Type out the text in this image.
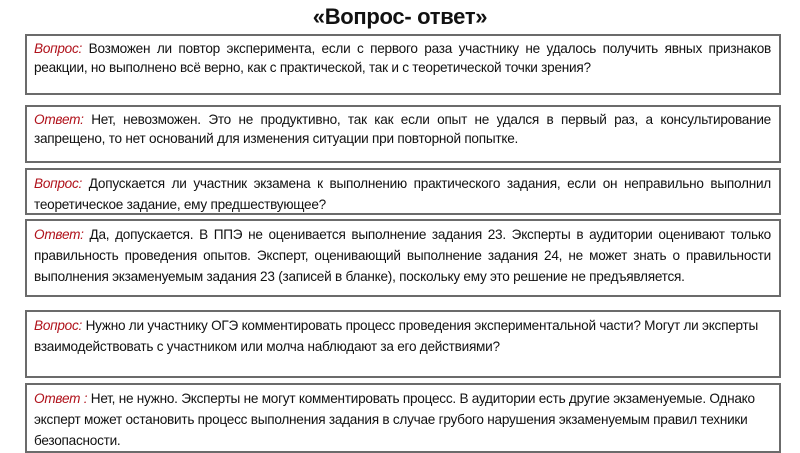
«Вопрос- ответ»
Вопрос: Возможен ли повтор эксперимента, если с первого раза участнику не удалось получить явных признаков реакции, но выполнено всё верно, как с практической, так и с теоретической точки зрения?
Ответ: Нет, невозможен. Это не продуктивно, так как если опыт не удался в первый раз, а консультирование запрещено, то нет оснований для изменения ситуации при повторной попытке.
Вопрос: Допускается ли участник экзамена к выполнению практического задания, если он неправильно выполнил теоретическое задание, ему предшествующее?
Ответ: Да, допускается. В ППЭ не оценивается выполнение задания 23. Эксперты в аудитории оценивают только правильность проведения опытов. Эксперт, оценивающий выполнение задания 24, не может знать о правильности выполнения экзаменуемым задания 23 (записей в бланке), поскольку ему это решение не предъявляется.
Вопрос: Нужно ли участнику ОГЭ комментировать процесс проведения экспериментальной части? Могут ли эксперты взаимодействовать с участником или молча наблюдают за его действиями?
Ответ : Нет, не нужно. Эксперты не могут комментировать процесс. В аудитории есть другие экзаменуемые. Однако эксперт может остановить процесс выполнения задания в случае грубого нарушения экзаменуемым правил техники безопасности.
